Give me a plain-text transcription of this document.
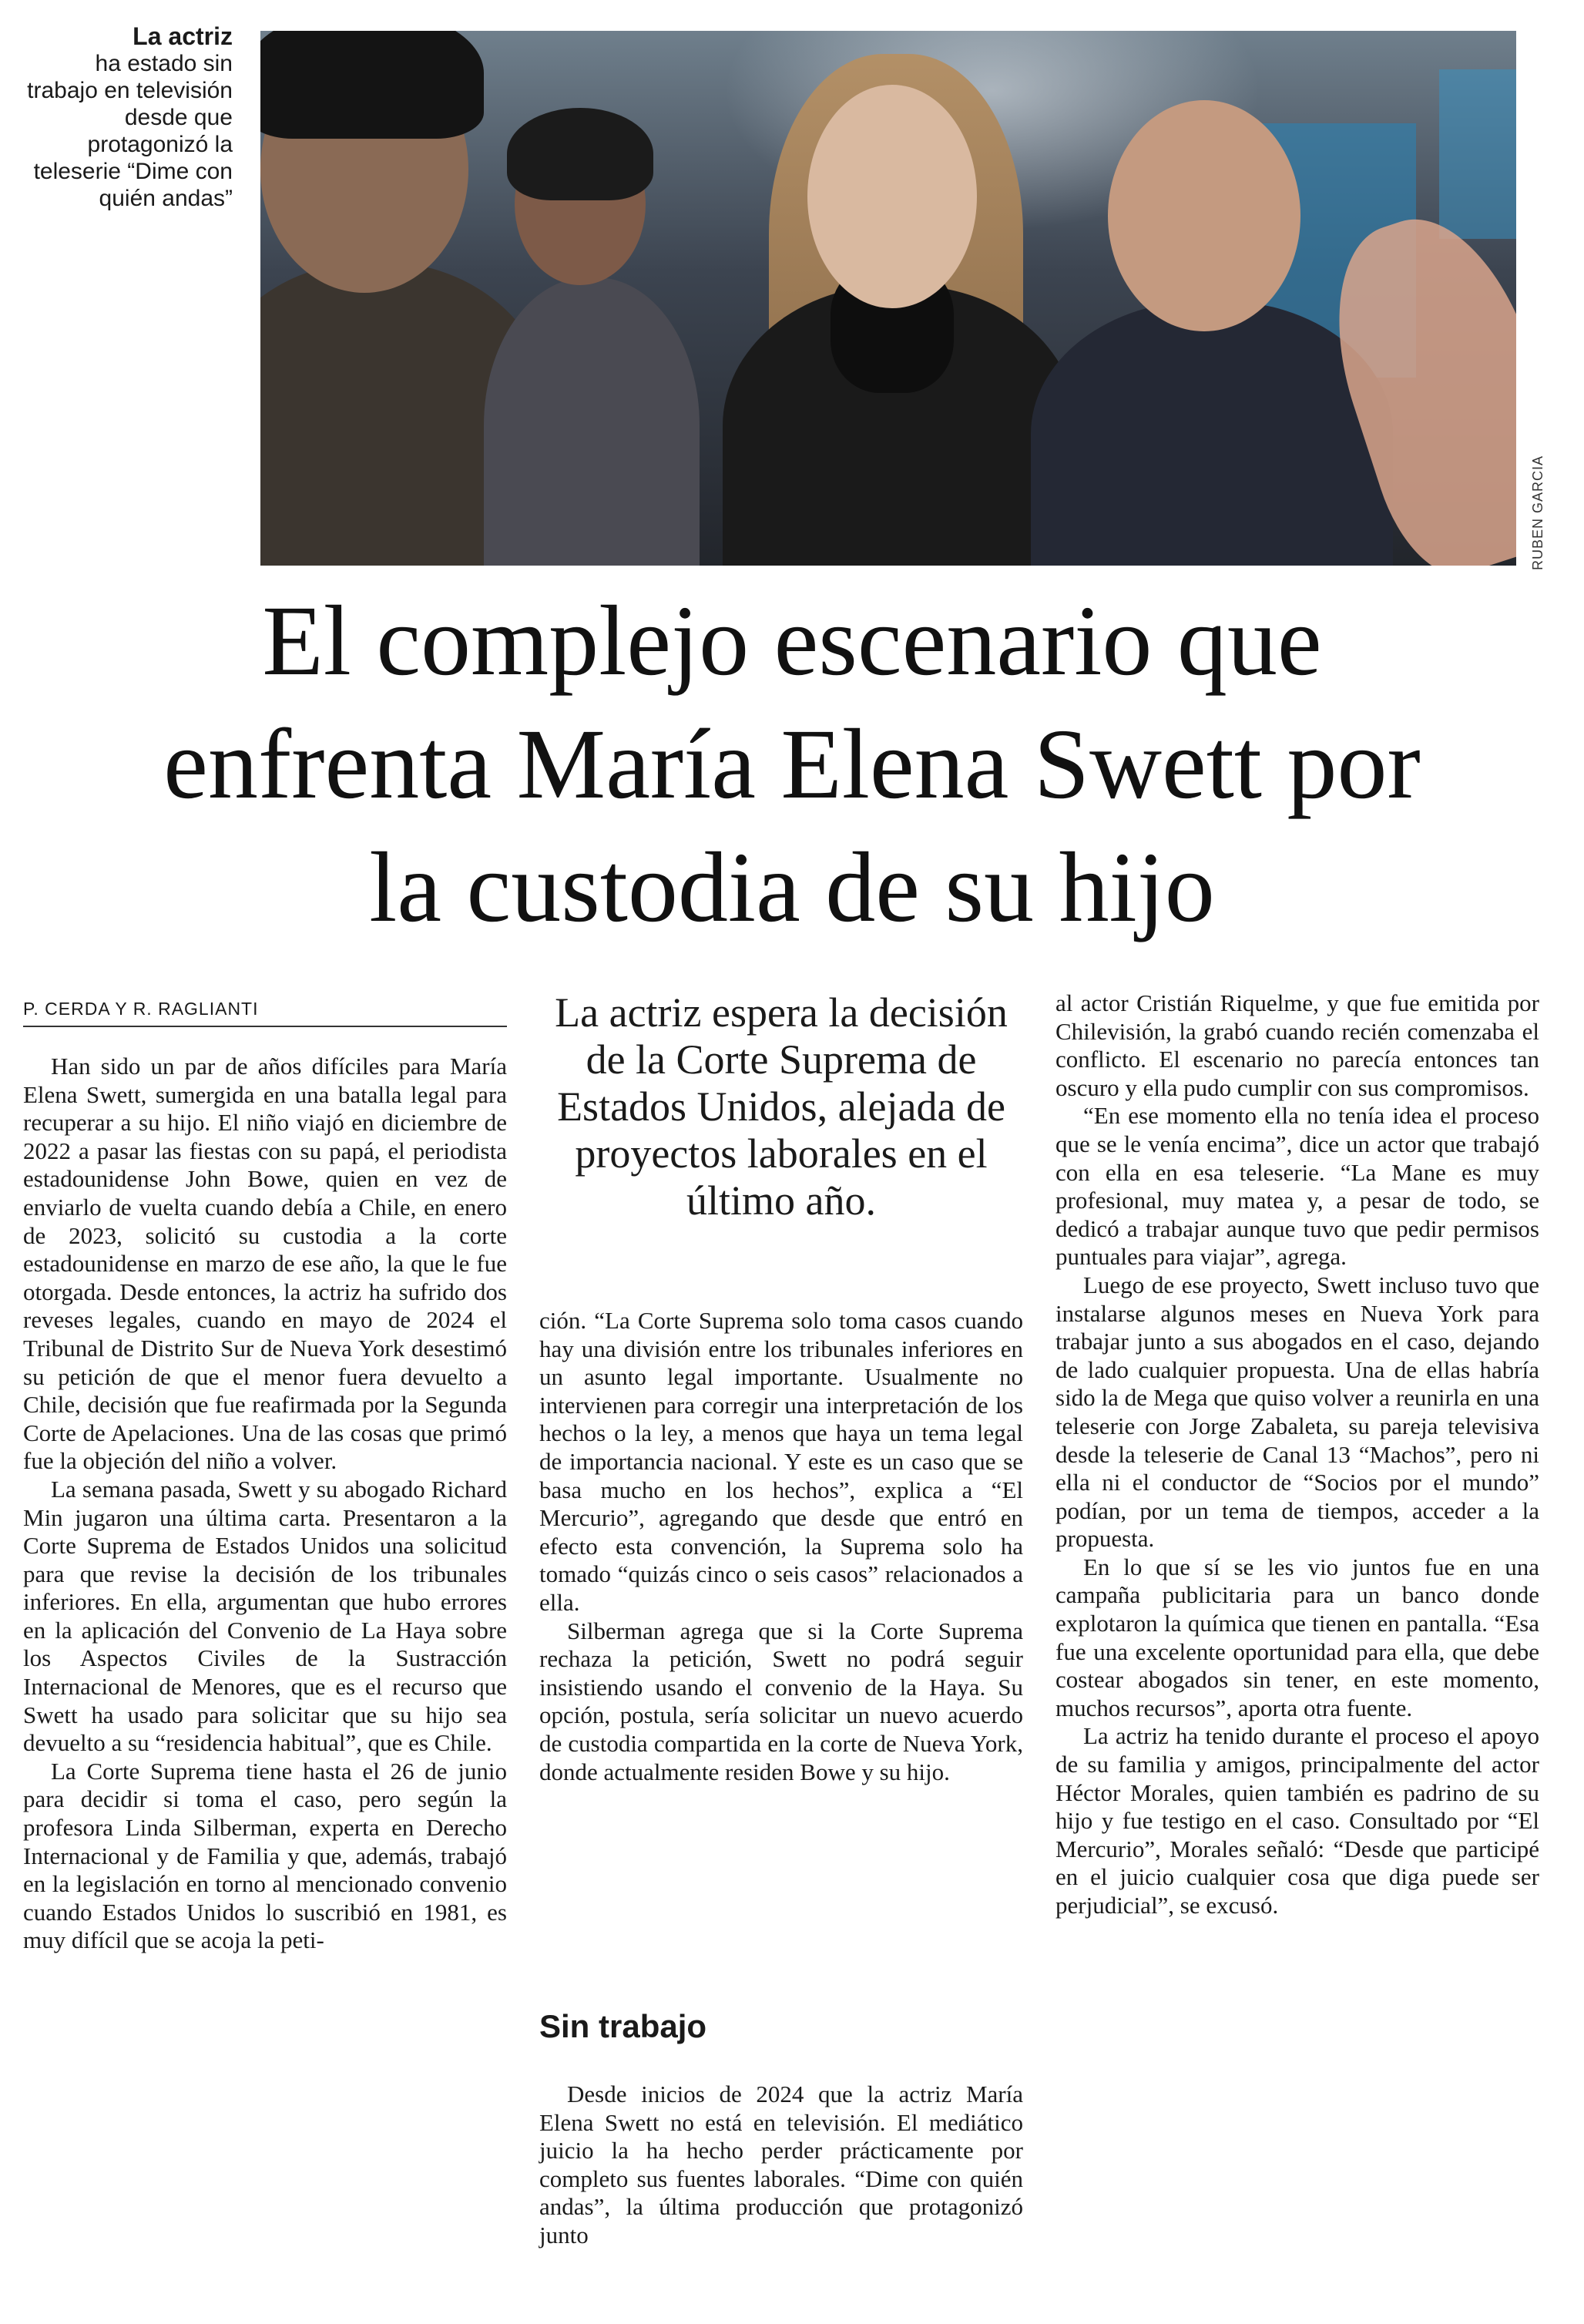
La actriz
ha estado sin trabajo en televisión desde que protagonizó la teleserie “Dime con quién andas”
RUBEN GARCIA
El complejo escenario que
enfrenta María Elena Swett por
la custodia de su hijo
P. CERDA Y R. RAGLIANTI

Han sido un par de años difíciles para María Elena Swett, sumergida en una batalla legal para recuperar a su hijo. El niño viajó en diciembre de 2022 a pasar las fiestas con su papá, el periodista estadounidense John Bowe, quien en vez de enviarlo de vuelta cuando debía a Chile, en enero de 2023, solicitó su custodia a la corte estadounidense en marzo de ese año, la que le fue otorgada. Desde entonces, la actriz ha sufrido dos reveses legales, cuando en mayo de 2024 el Tribunal de Distrito Sur de Nueva York desestimó su petición de que el menor fuera devuelto a Chile, decisión que fue reafirmada por la Segunda Corte de Apelaciones. Una de las cosas que primó fue la objeción del niño a volver.

La semana pasada, Swett y su abogado Richard Min jugaron una última carta. Presentaron a la Corte Suprema de Estados Unidos una solicitud para que revise la decisión de los tribunales inferiores. En ella, argumentan que hubo errores en la aplicación del Convenio de La Haya sobre los Aspectos Civiles de la Sustracción Internacional de Menores, que es el recurso que Swett ha usado para solicitar que su hijo sea devuelto a su “residencia habitual”, que es Chile.

La Corte Suprema tiene hasta el 26 de junio para decidir si toma el caso, pero según la profesora Linda Silberman, experta en Derecho Internacional y de Familia y que, además, trabajó en la legislación en torno al mencionado convenio cuando Estados Unidos lo suscribió en 1981, es muy difícil que se acoja la peti-

La actriz espera la decisión de la Corte Suprema de Estados Unidos, alejada de proyectos laborales en el último año.

ción. “La Corte Suprema solo toma casos cuando hay una división entre los tribunales inferiores en un asunto legal importante. Usualmente no intervienen para corregir una interpretación de los hechos o la ley, a menos que haya un tema legal de importancia nacional. Y este es un caso que se basa mucho en los hechos”, explica a “El Mercurio”, agregando que desde que entró en efecto esta convención, la Suprema solo ha tomado “quizás cinco o seis casos” relacionados a ella.

Silberman agrega que si la Corte Suprema rechaza la petición, Swett no podrá seguir insistiendo usando el convenio de la Haya. Su opción, postula, sería solicitar un nuevo acuerdo de custodia compartida en la corte de Nueva York, donde actualmente residen Bowe y su hijo.

Sin trabajo

Desde inicios de 2024 que la actriz María Elena Swett no está en televisión. El mediático juicio la ha hecho perder prácticamente por completo sus fuentes laborales. “Dime con quién andas”, la última producción que protagonizó junto

al actor Cristián Riquelme, y que fue emitida por Chilevisión, la grabó cuando recién comenzaba el conflicto. El escenario no parecía entonces tan oscuro y ella pudo cumplir con sus compromisos.

“En ese momento ella no tenía idea el proceso que se le venía encima”, dice un actor que trabajó con ella en esa teleserie. “La Mane es muy profesional, muy matea y, a pesar de todo, se dedicó a trabajar aunque tuvo que pedir permisos puntuales para viajar”, agrega.

Luego de ese proyecto, Swett incluso tuvo que instalarse algunos meses en Nueva York para trabajar junto a sus abogados en el caso, dejando de lado cualquier propuesta. Una de ellas habría sido la de Mega que quiso volver a reunirla en una teleserie con Jorge Zabaleta, su pareja televisiva desde la teleserie de Canal 13 “Machos”, pero ni ella ni el conductor de “Socios por el mundo” podían, por un tema de tiempos, acceder a la propuesta.

En lo que sí se les vio juntos fue en una campaña publicitaria para un banco donde explotaron la química que tienen en pantalla. “Esa fue una excelente oportunidad para ella, que debe costear abogados sin tener, en este momento, muchos recursos”, aporta otra fuente.

La actriz ha tenido durante el proceso el apoyo de su familia y amigos, principalmente del actor Héctor Morales, quien también es padrino de su hijo y fue testigo en el caso. Consultado por “El Mercurio”, Morales señaló: “Desde que participé en el juicio cualquier cosa que diga puede ser perjudicial”, se excusó.
